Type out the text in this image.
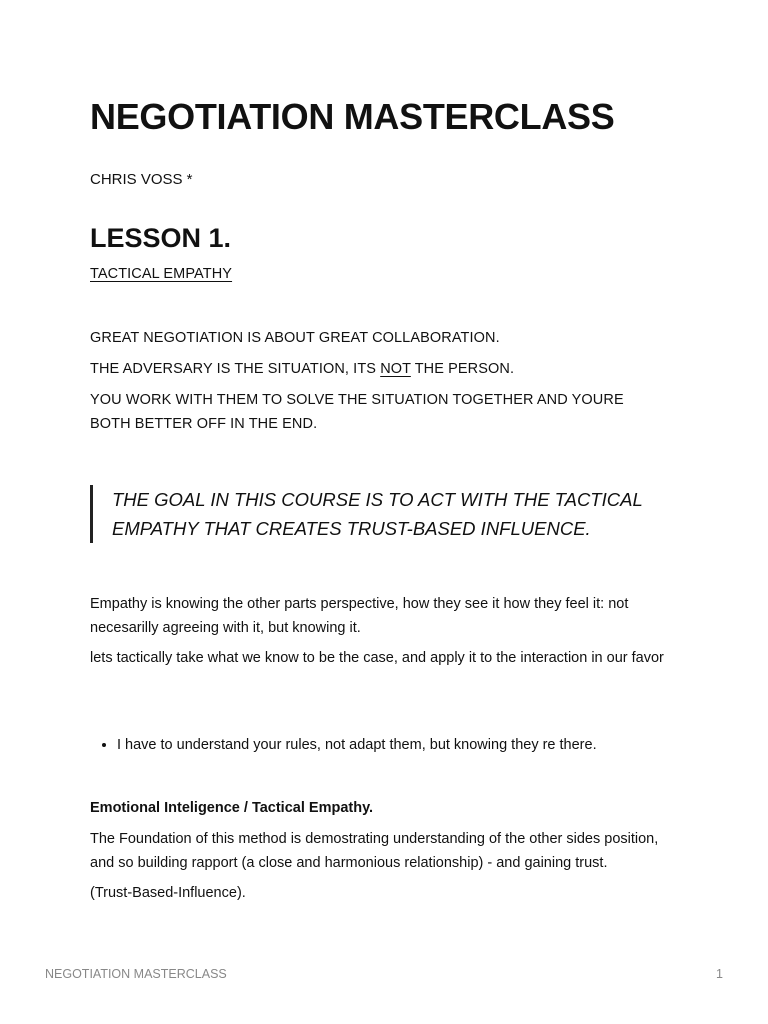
NEGOTIATION MASTERCLASS

CHRIS VOSS *

LESSON 1.

TACTICAL EMPATHY

GREAT NEGOTIATION IS ABOUT GREAT COLLABORATION.

THE ADVERSARY IS THE SITUATION, ITS NOT THE PERSON.

YOU WORK WITH THEM TO SOLVE THE SITUATION TOGETHER AND YOURE BOTH BETTER OFF IN THE END.

THE GOAL IN THIS COURSE IS TO ACT WITH THE TACTICAL EMPATHY THAT CREATES TRUST-BASED INFLUENCE.

Empathy is knowing the other parts perspective, how they see it how they feel it: not necesarilly agreeing with it, but knowing it.

lets tactically take what we know to be the case, and apply it to the interaction in our favor

• I have to understand your rules, not adapt them, but knowing they re there.

Emotional Inteligence / Tactical Empathy.

The Foundation of this method is demostrating understanding of the other sides position, and so building rapport (a close and harmonious relationship) - and gaining trust.

(Trust-Based-Influence).

NEGOTIATION MASTERCLASS	1
